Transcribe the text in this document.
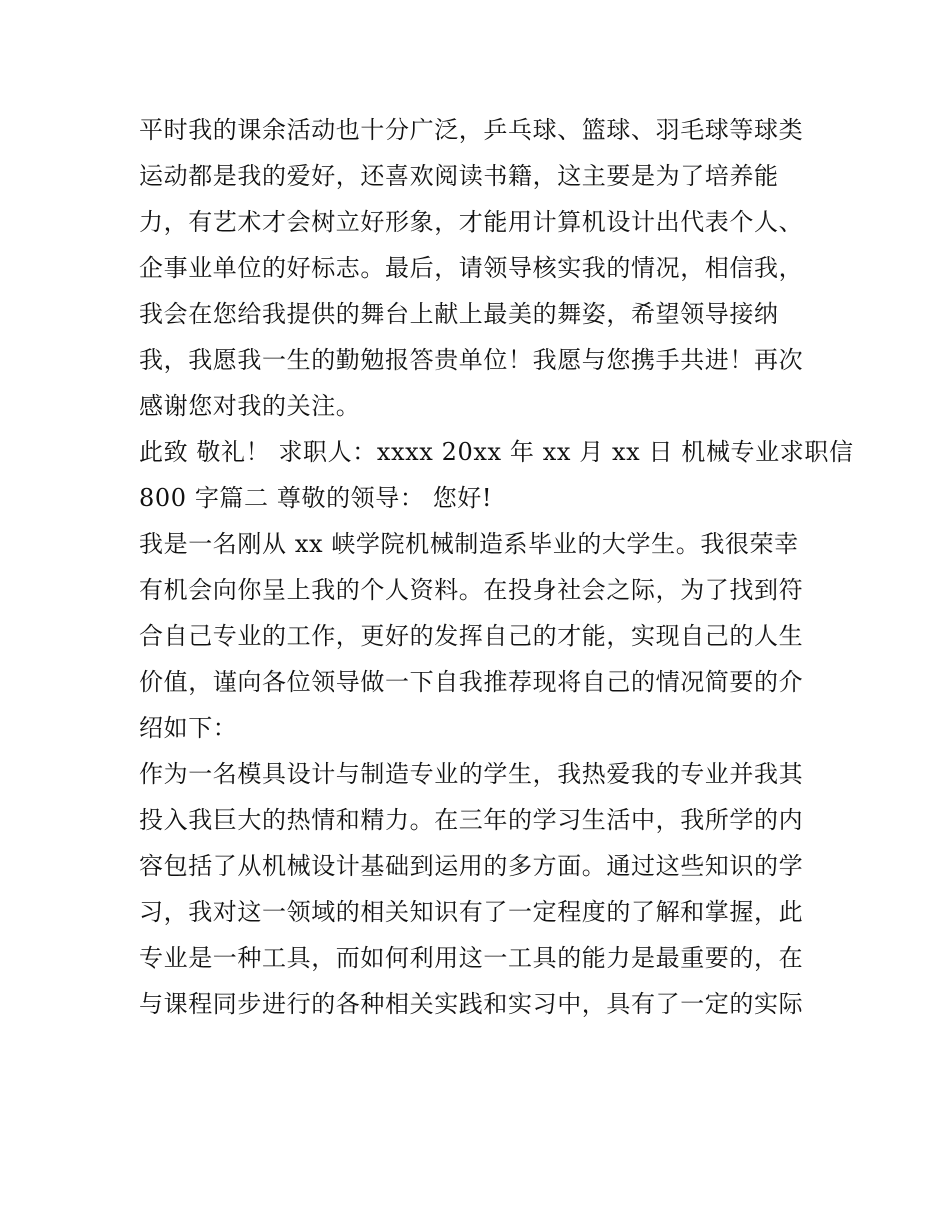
平时我的课余活动也十分广泛，乒乓球、篮球、羽毛球等球类
运动都是我的爱好，还喜欢阅读书籍，这主要是为了培养能
力，有艺术才会树立好形象，才能用计算机设计出代表个人、
企事业单位的好标志。最后，请领导核实我的情况，相信我，
我会在您给我提供的舞台上献上最美的舞姿，希望领导接纳
我，我愿我一生的勤勉报答贵单位！我愿与您携手共进！再次
感谢您对我的关注。
此致 敬礼！ 求职人：xxxx 20xx 年 xx 月 xx 日 机械专业求职信
800 字篇二 尊敬的领导： 您好!
我是一名刚从 xx 峡学院机械制造系毕业的大学生。我很荣幸
有机会向你呈上我的个人资料。在投身社会之际，为了找到符
合自己专业的工作，更好的发挥自己的才能，实现自己的人生
价值，谨向各位领导做一下自我推荐现将自己的情况简要的介
绍如下：
作为一名模具设计与制造专业的学生，我热爱我的专业并我其
投入我巨大的热情和精力。在三年的学习生活中，我所学的内
容包括了从机械设计基础到运用的多方面。通过这些知识的学
习，我对这一领域的相关知识有了一定程度的了解和掌握，此
专业是一种工具，而如何利用这一工具的能力是最重要的，在
与课程同步进行的各种相关实践和实习中，具有了一定的实际
